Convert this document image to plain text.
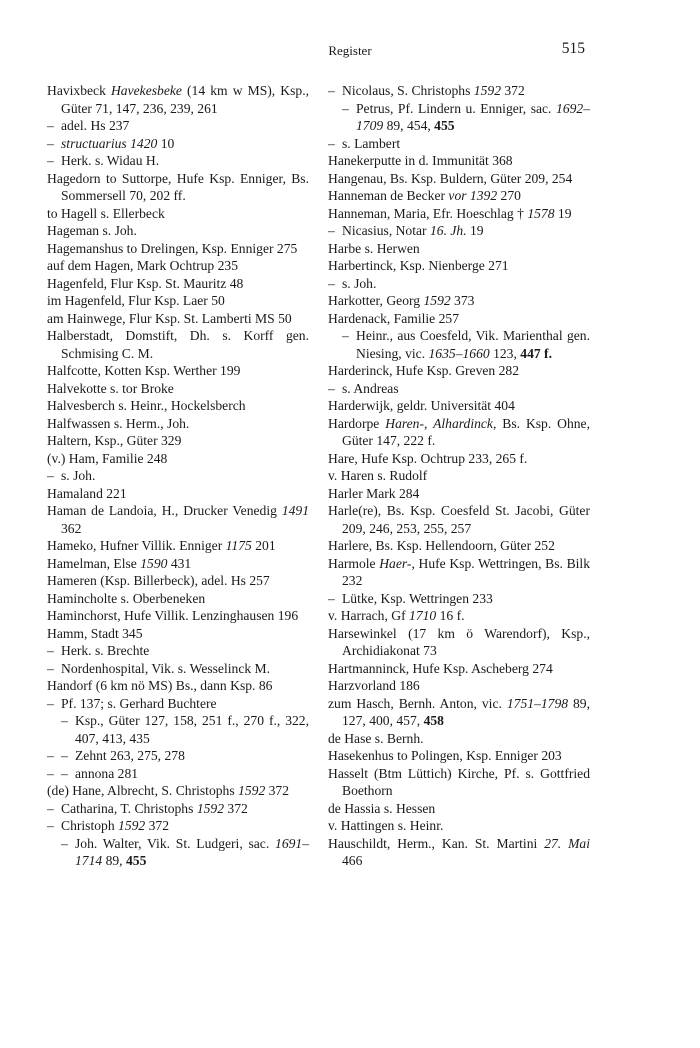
Register	515
Havixbeck Havekesbeke (14 km w MS), Ksp., Güter 71, 147, 236, 239, 261
– adel. Hs 237
– structuarius 1420 10
– Herk. s. Widau H.
Hagedorn to Suttorpe, Hufe Ksp. Enniger, Bs. Sommersell 70, 202 ff.
to Hagell s. Ellerbeck
Hageman s. Joh.
Hagemanshus to Drelingen, Ksp. Enniger 275
auf dem Hagen, Mark Ochtrup 235
Hagenfeld, Flur Ksp. St. Mauritz 48
im Hagenfeld, Flur Ksp. Laer 50
am Hainwege, Flur Ksp. St. Lamberti MS 50
Halberstadt, Domstift, Dh. s. Korff gen. Schmising C. M.
Halfcotte, Kotten Ksp. Werther 199
Halvekotte s. tor Broke
Halvesberch s. Heinr., Hockelsberch
Halfwassen s. Herm., Joh.
Haltern, Ksp., Güter 329
(v.) Ham, Familie 248
– s. Joh.
Hamaland 221
Haman de Landoia, H., Drucker Venedig 1491 362
Hameko, Hufner Villik. Enniger 1175 201
Hamelman, Else 1590 431
Hameren (Ksp. Billerbeck), adel. Hs 257
Hamincholte s. Oberbeneken
Haminchorst, Hufe Villik. Lenzinghausen 196
Hamm, Stadt 345
– Herk. s. Brechte
– Nordenhospital, Vik. s. Wesselinck M.
Handorf (6 km nö MS) Bs., dann Ksp. 86
– Pf. 137; s. Gerhard Buchtere
– Ksp., Güter 127, 158, 251 f., 270 f., 322, 407, 413, 435
– – Zehnt 263, 275, 278
– – annona 281
(de) Hane, Albrecht, S. Christophs 1592 372
– Catharina, T. Christophs 1592 372
– Christoph 1592 372
– Joh. Walter, Vik. St. Ludgeri, sac. 1691–1714 89, 455
– Nicolaus, S. Christophs 1592 372
– Petrus, Pf. Lindern u. Enniger, sac. 1692–1709 89, 454, 455
– s. Lambert
Hanekerputte in d. Immunität 368
Hangenau, Bs. Ksp. Buldern, Güter 209, 254
Hanneman de Becker vor 1392 270
Hanneman, Maria, Efr. Hoeschlag † 1578 19
– Nicasius, Notar 16. Jh. 19
Harbe s. Herwen
Harbertinck, Ksp. Nienberge 271
– s. Joh.
Harkotter, Georg 1592 373
Hardenack, Familie 257
– Heinr., aus Coesfeld, Vik. Marienthal gen. Niesing, vic. 1635–1660 123, 447 f.
Harderinck, Hufe Ksp. Greven 282
– s. Andreas
Harderwijk, geldr. Universität 404
Hardorpe Haren-, Alhardinck, Bs. Ksp. Ohne, Güter 147, 222 f.
Hare, Hufe Ksp. Ochtrup 233, 265 f.
v. Haren s. Rudolf
Harler Mark 284
Harle(re), Bs. Ksp. Coesfeld St. Jacobi, Güter 209, 246, 253, 255, 257
Harlere, Bs. Ksp. Hellendoorn, Güter 252
Harmole Haer-, Hufe Ksp. Wettringen, Bs. Bilk 232
– Lütke, Ksp. Wettringen 233
v. Harrach, Gf 1710 16 f.
Harsewinkel (17 km ö Warendorf), Ksp., Archidiakonat 73
Hartmanninck, Hufe Ksp. Ascheberg 274
Harzvorland 186
zum Hasch, Bernh. Anton, vic. 1751–1798 89, 127, 400, 457, 458
de Hase s. Bernh.
Hasekenhus to Polingen, Ksp. Enniger 203
Hasselt (Btm Lüttich) Kirche, Pf. s. Gottfried Boethorn
de Hassia s. Hessen
v. Hattingen s. Heinr.
Hauschildt, Herm., Kan. St. Martini 27. Mai 466
